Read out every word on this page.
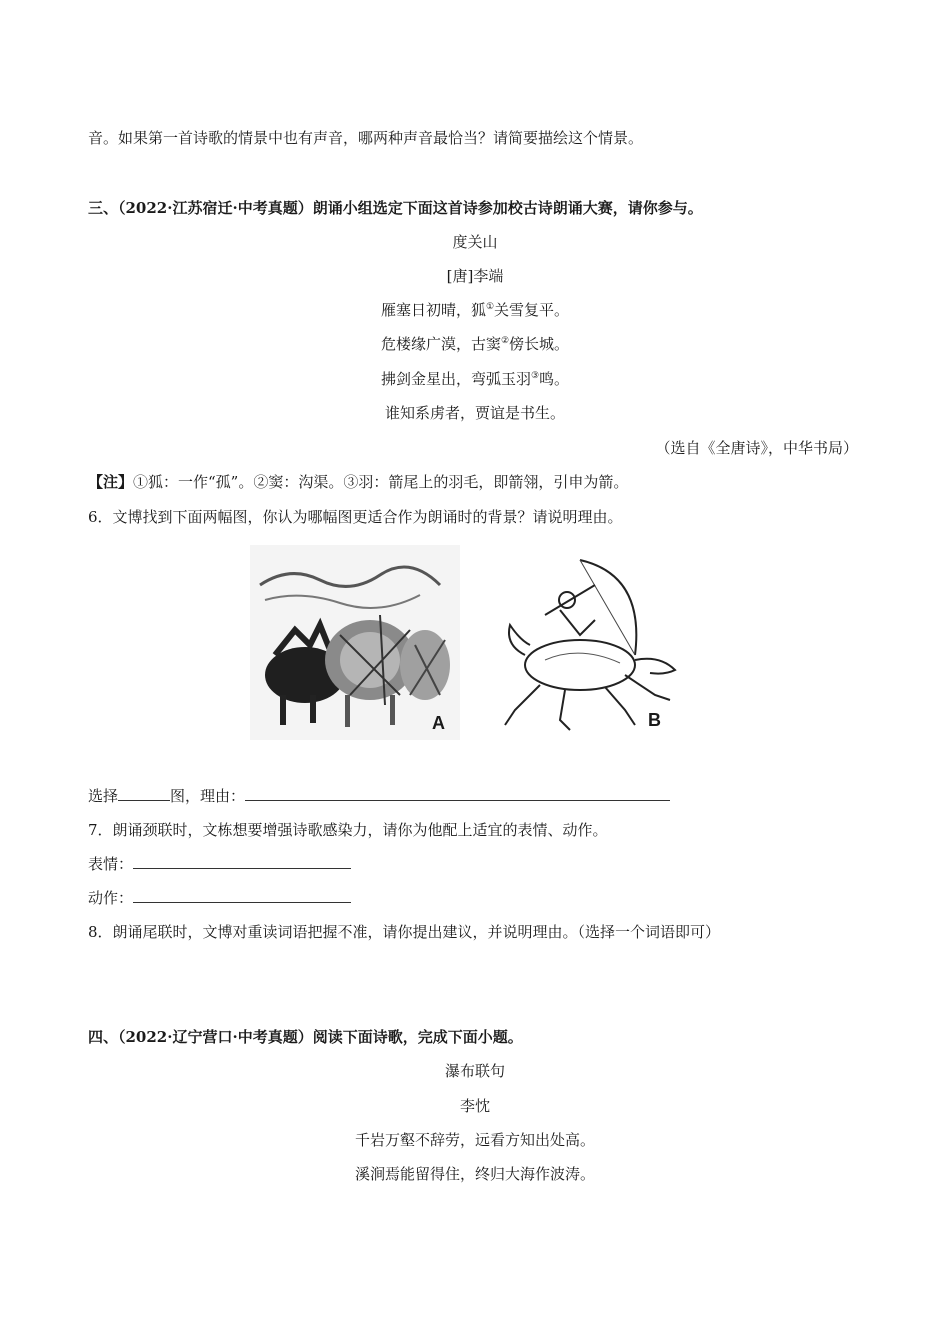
音。如果第一首诗歌的情景中也有声音，哪两种声音最恰当？请简要描绘这个情景。
三、（2022·江苏宿迁·中考真题）朗诵小组选定下面这首诗参加校古诗朗诵大赛，请你参与。
度关山
[唐]李端
雁塞日初晴，狐①关雪复平。
危楼缘广漠，古窦②傍长城。
拂剑金星出，弯弧玉羽③鸣。
谁知系虏者，贾谊是书生。
（选自《全唐诗》，中华书局）
【注】①狐：一作“孤”。②窦：沟渠。③羽：箭尾上的羽毛，即箭翎，引申为箭。
6．文博找到下面两幅图，你认为哪幅图更适合作为朗诵时的背景？请说明理由。
A	B
选择	图，理由：
7．朗诵颈联时，文栋想要增强诗歌感染力，请你为他配上适宜的表情、动作。
表情：
动作：
8．朗诵尾联时，文博对重读词语把握不准，请你提出建议，并说明理由。（选择一个词语即可）
四、（2022·辽宁营口·中考真题）阅读下面诗歌，完成下面小题。
瀑布联句
李忱
千岩万壑不辞劳，远看方知出处高。
溪涧焉能留得住，终归大海作波涛。
